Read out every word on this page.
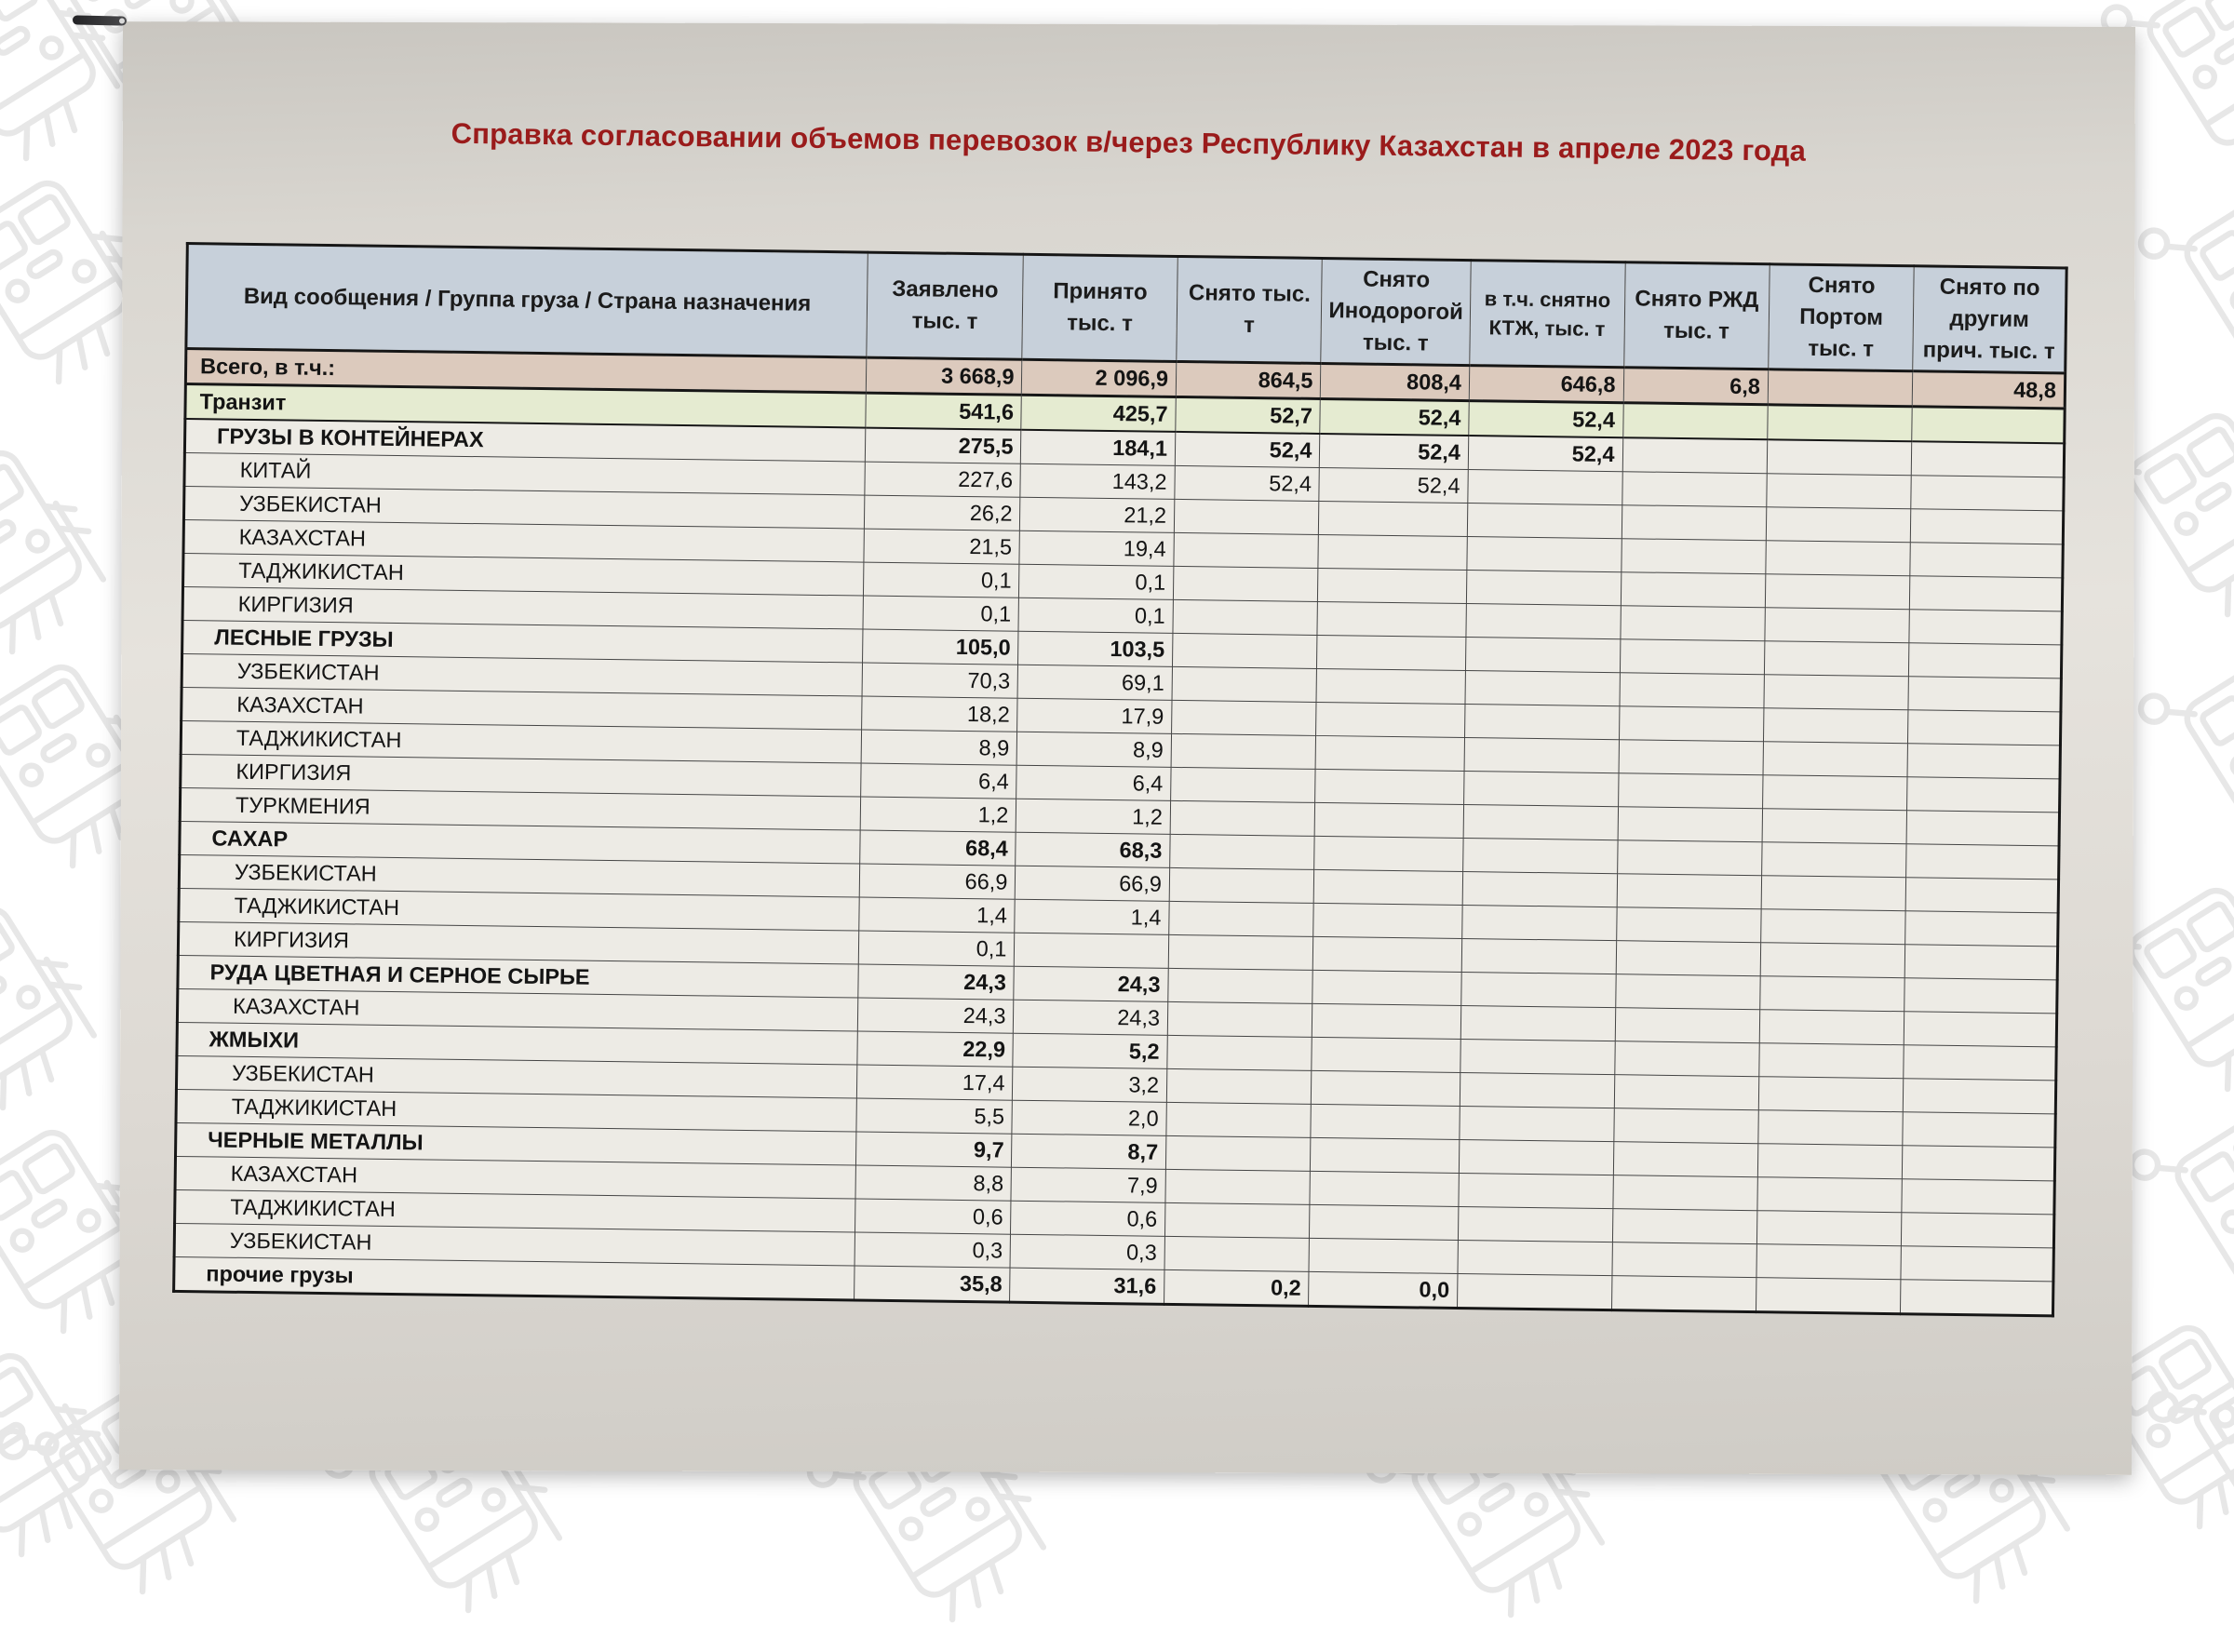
Справка согласовании объемов перевозок в/через Республику Казахстан в апреле 2023 года
Вид сообщения / Группа груза / Страна назначения	Заявлено тыс. т	Принято тыс. т	Снято тыс. т	Снято Инодорогой тыс. т	в т.ч. снятно КТЖ, тыс. т	Снято РЖД тыс. т	Снято Портом тыс. т	Снято по другим прич. тыс. т
Всего, в т.ч.:	3 668,9	2 096,9	864,5	808,4	646,8	6,8		48,8
Транзит	541,6	425,7	52,7	52,4	52,4			
ГРУЗЫ В КОНТЕЙНЕРАХ	275,5	184,1	52,4	52,4	52,4			
КИТАЙ	227,6	143,2	52,4	52,4				
УЗБЕКИСТАН	26,2	21,2						
КАЗАХСТАН	21,5	19,4						
ТАДЖИКИСТАН	0,1	0,1						
КИРГИЗИЯ	0,1	0,1						
ЛЕСНЫЕ ГРУЗЫ	105,0	103,5						
УЗБЕКИСТАН	70,3	69,1						
КАЗАХСТАН	18,2	17,9						
ТАДЖИКИСТАН	8,9	8,9						
КИРГИЗИЯ	6,4	6,4						
ТУРКМЕНИЯ	1,2	1,2						
САХАР	68,4	68,3						
УЗБЕКИСТАН	66,9	66,9						
ТАДЖИКИСТАН	1,4	1,4						
КИРГИЗИЯ	0,1							
РУДА ЦВЕТНАЯ И СЕРНОЕ СЫРЬЕ	24,3	24,3						
КАЗАХСТАН	24,3	24,3						
ЖМЫХИ	22,9	5,2						
УЗБЕКИСТАН	17,4	3,2						
ТАДЖИКИСТАН	5,5	2,0						
ЧЕРНЫЕ МЕТАЛЛЫ	9,7	8,7						
КАЗАХСТАН	8,8	7,9						
ТАДЖИКИСТАН	0,6	0,6						
УЗБЕКИСТАН	0,3	0,3						
прочие грузы	35,8	31,6	0,2	0,0				
